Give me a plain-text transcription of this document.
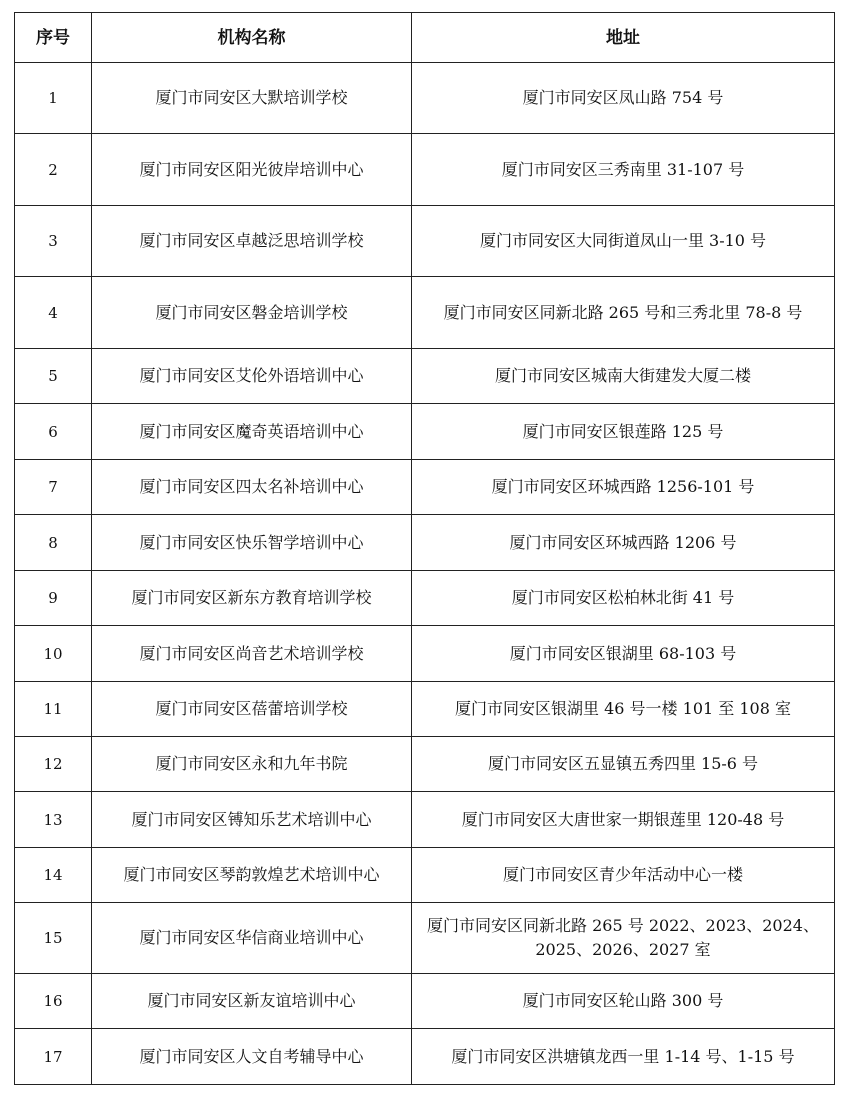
序号	机构名称	地址
1	厦门市同安区大默培训学校	厦门市同安区凤山路 754 号
2	厦门市同安区阳光彼岸培训中心	厦门市同安区三秀南里 31-107 号
3	厦门市同安区卓越泛思培训学校	厦门市同安区大同街道凤山一里 3-10 号
4	厦门市同安区磐金培训学校	厦门市同安区同新北路 265 号和三秀北里 78-8 号
5	厦门市同安区艾伦外语培训中心	厦门市同安区城南大街建发大厦二楼
6	厦门市同安区魔奇英语培训中心	厦门市同安区银莲路 125 号
7	厦门市同安区四太名补培训中心	厦门市同安区环城西路 1256-101 号
8	厦门市同安区快乐智学培训中心	厦门市同安区环城西路 1206 号
9	厦门市同安区新东方教育培训学校	厦门市同安区松柏林北街 41 号
10	厦门市同安区尚音艺术培训学校	厦门市同安区银湖里 68-103 号
11	厦门市同安区蓓蕾培训学校	厦门市同安区银湖里 46 号一楼 101 至 108 室
12	厦门市同安区永和九年书院	厦门市同安区五显镇五秀四里 15-6 号
13	厦门市同安区镈知乐艺术培训中心	厦门市同安区大唐世家一期银莲里 120-48 号
14	厦门市同安区琴韵敦煌艺术培训中心	厦门市同安区青少年活动中心一楼
15	厦门市同安区华信商业培训中心	厦门市同安区同新北路 265 号 2022、2023、2024、2025、2026、2027 室
16	厦门市同安区新友谊培训中心	厦门市同安区轮山路 300 号
17	厦门市同安区人文自考辅导中心	厦门市同安区洪塘镇龙西一里 1-14 号、1-15 号
